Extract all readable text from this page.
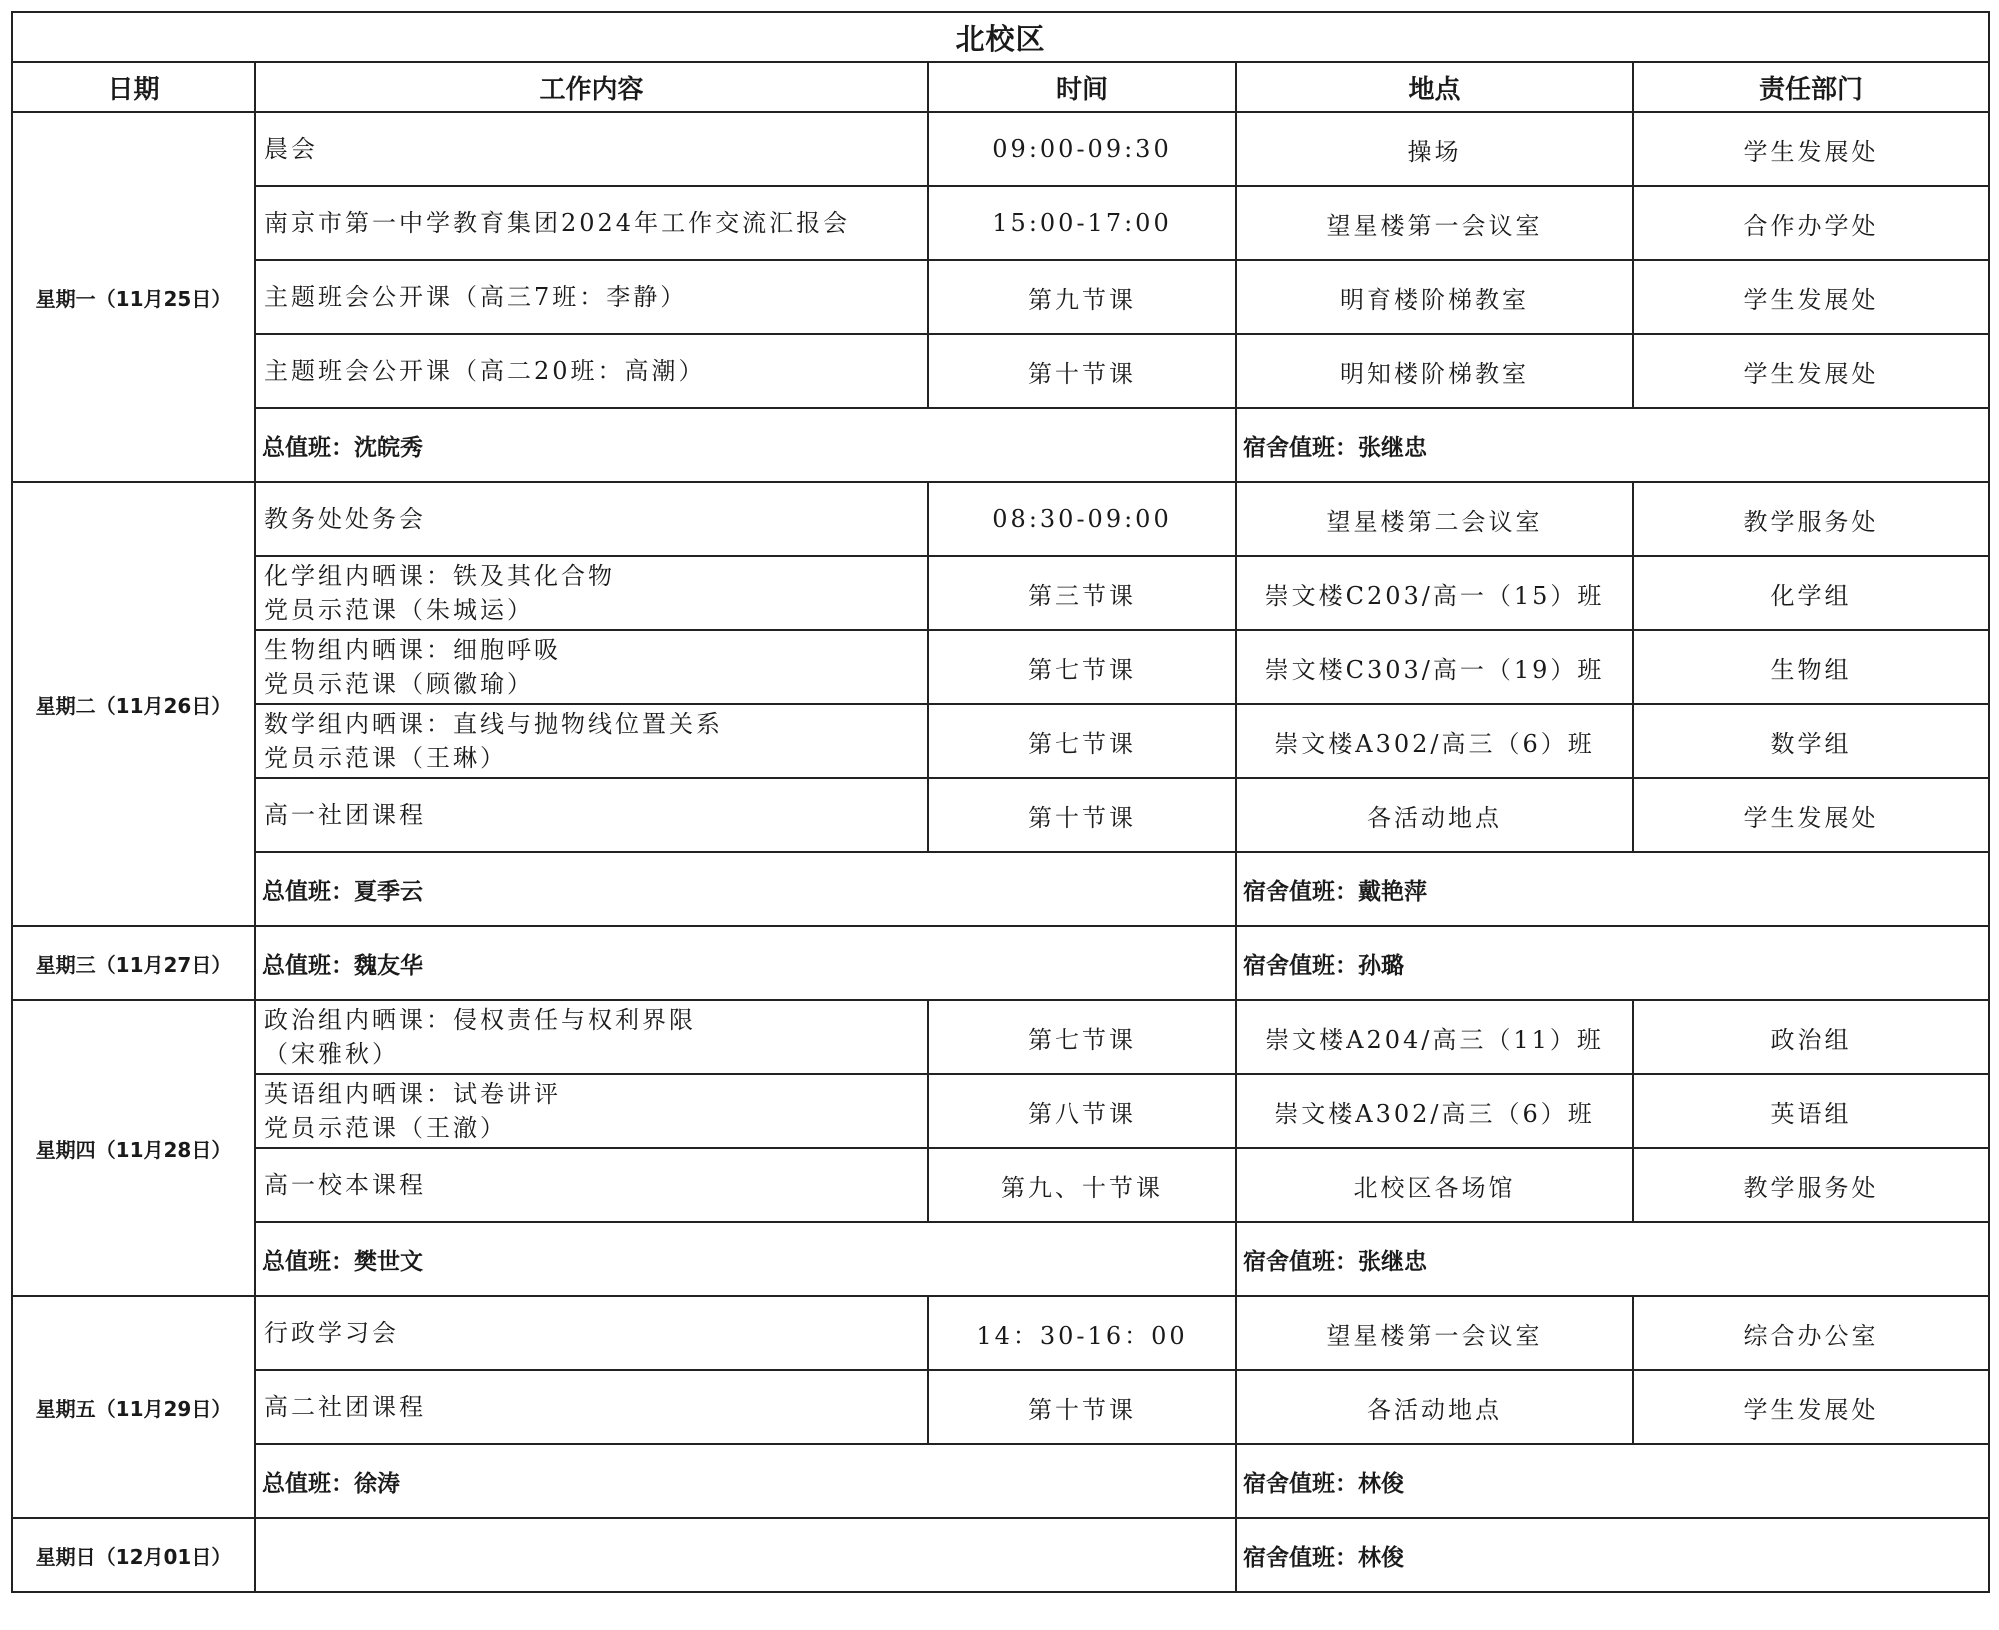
北校区				
日期	工作内容	时间	地点	责任部门
星期一（11月25日）	晨会	09:00-09:30	操场	学生发展处
	南京市第一中学教育集团2024年工作交流汇报会	15:00-17:00	望星楼第一会议室	合作办学处
	主题班会公开课（高三7班：李静）	第九节课	明育楼阶梯教室	学生发展处
	主题班会公开课（高二20班：高潮）	第十节课	明知楼阶梯教室	学生发展处
	总值班：沈皖秀		宿舍值班：张继忠	
星期二（11月26日）	教务处处务会	08:30-09:00	望星楼第二会议室	教学服务处

	化学组内晒课：铁及其化合物
党员示范课（朱城运）	第三节课	崇文楼C203/高一（15）班	化学组

	生物组内晒课：细胞呼吸
党员示范课（顾徽瑜）	第七节课	崇文楼C303/高一（19）班	生物组

	数学组内晒课：直线与抛物线位置关系
党员示范课（王琳）	第七节课	崇文楼A302/高三（6）班	数学组
	高一社团课程	第十节课	各活动地点	学生发展处
	总值班：夏季云		宿舍值班：戴艳萍	
星期三（11月27日）	总值班：魏友华		宿舍值班：孙璐	
星期四（11月28日）	政治组内晒课：侵权责任与权利界限
（宋雅秋）	第七节课	崇文楼A204/高三（11）班	政治组

	英语组内晒课：试卷讲评
党员示范课（王澈）	第八节课	崇文楼A302/高三（6）班	英语组
	高一校本课程	第九、十节课	北校区各场馆	教学服务处
	总值班：樊世文		宿舍值班：张继忠	
星期五（11月29日）	行政学习会	14：30-16：00	望星楼第一会议室	综合办公室
	高二社团课程	第十节课	各活动地点	学生发展处
	总值班：徐涛		宿舍值班：林俊	
星期日（12月01日）			宿舍值班：林俊	
